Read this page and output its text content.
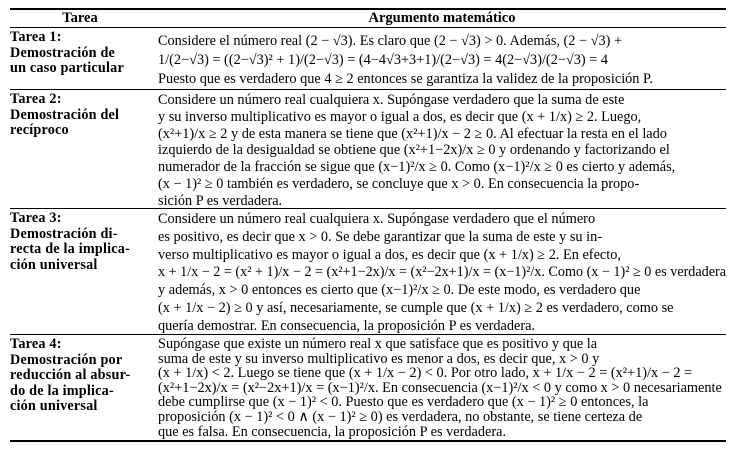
Tarea	Argumento matemático
Tarea 1:
Demostración de
un caso particular
Considere el número real (2 − √3). Es claro que (2 − √3) > 0. Además, (2 − √3) +
1/(2−√3) = ((2−√3)² + 1)/(2−√3) = (4−4√3+3+1)/(2−√3) = 4(2−√3)/(2−√3) = 4
Puesto que es verdadero que 4 ≥ 2 entonces se garantiza la validez de la proposición P.
Tarea 2:
Demostración del
recíproco
Considere un número real cualquiera x. Supóngase verdadero que la suma de este
y su inverso multiplicativo es mayor o igual a dos, es decir que (x + 1/x) ≥ 2. Luego,
(x²+1)/x ≥ 2 y de esta manera se tiene que (x²+1)/x − 2 ≥ 0. Al efectuar la resta en el lado
izquierdo de la desigualdad se obtiene que (x²+1−2x)/x ≥ 0 y ordenando y factorizando el
numerador de la fracción se sigue que (x−1)²/x ≥ 0. Como (x−1)²/x ≥ 0 es cierto y además,
(x − 1)² ≥ 0 también es verdadero, se concluye que x > 0. En consecuencia la propo-
sición P es verdadera.
Tarea 3:
Demostración di-
recta de la implica-
ción universal
Considere un número real cualquiera x. Supóngase verdadero que el número
es positivo, es decir que x > 0. Se debe garantizar que la suma de este y su in-
verso multiplicativo es mayor o igual a dos, es decir que (x + 1/x) ≥ 2. En efecto,
x + 1/x − 2 = (x² + 1)/x − 2 = (x²+1−2x)/x = (x²−2x+1)/x = (x−1)²/x. Como (x − 1)² ≥ 0 es verdadera
y además, x > 0 entonces es cierto que (x−1)²/x ≥ 0. De este modo, es verdadero que
(x + 1/x − 2) ≥ 0 y así, necesariamente, se cumple que (x + 1/x) ≥ 2 es verdadero, como se
quería demostrar. En consecuencia, la proposición P es verdadera.
Tarea 4:
Demostración por
reducción al absur-
do de la implica-
ción universal
Supóngase que existe un número real x que satisface que es positivo y que la
suma de este y su inverso multiplicativo es menor a dos, es decir que, x > 0 y
(x + 1/x) < 2. Luego se tiene que (x + 1/x − 2) < 0. Por otro lado, x + 1/x − 2 = (x²+1)/x − 2 =
(x²+1−2x)/x = (x²−2x+1)/x = (x−1)²/x. En consecuencia (x−1)²/x < 0 y como x > 0 necesariamente
debe cumplirse que (x − 1)² < 0. Puesto que es verdadero que (x − 1)² ≥ 0 entonces, la
proposición (x − 1)² < 0 ∧ (x − 1)² ≥ 0) es verdadera, no obstante, se tiene certeza de
que es falsa. En consecuencia, la proposición P es verdadera.
